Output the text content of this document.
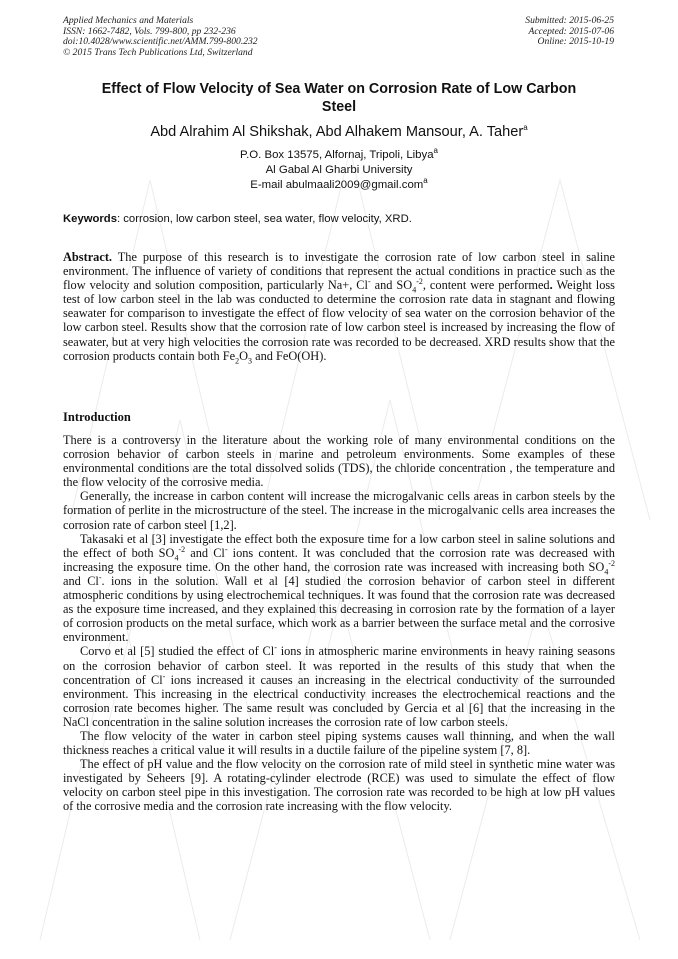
Applied Mechanics and Materials
ISSN: 1662-7482, Vols. 799-800, pp 232-236
doi:10.4028/www.scientific.net/AMM.799-800.232
© 2015 Trans Tech Publications Ltd, Switzerland
Submitted: 2015-06-25
Accepted: 2015-07-06
Online: 2015-10-19
Effect of Flow Velocity of Sea Water on Corrosion Rate of Low Carbon
Steel
Abd Alrahim Al Shikshak, Abd Alhakem Mansour, A. Taher$^a$
P.O. Box 13575, Alfornaj, Tripoli, Libya$^a$
Al Gabal Al Gharbi University
E-mail abulmaali2009@gmail.com$^a$
Keywords: corrosion, low carbon steel, sea water, flow velocity, XRD.

Abstract. The purpose of this research is to investigate the corrosion rate of low carbon steel in saline environment. The influence of variety of conditions that represent the actual conditions in practice such as the flow velocity and solution composition, particularly Na+, Cl- and $SO_4^{-2}$, content were performed. Weight loss test of low carbon steel in the lab was conducted to determine the corrosion rate data in stagnant and flowing seawater for comparison to investigate the effect of flow velocity of sea water on the corrosion behavior of the low carbon steel. Results show that the corrosion rate of low carbon steel is increased by increasing the flow of seawater, but at very high velocities the corrosion rate was recorded to be decreased. XRD results show that the corrosion products contain both $Fe_2O_3$ and FeO(OH).

Introduction

There is a controversy in the literature about the working role of many environmental conditions on the corrosion behavior of carbon steels in marine and petroleum environments. Some examples of these environmental conditions are the total dissolved solids (TDS), the chloride concentration , the temperature and the flow velocity of the corrosive media.

Generally, the increase in carbon content will increase the microgalvanic cells areas in carbon steels by the formation of perlite in the microstructure of the steel. The increase in the microgalvanic cells area increases the corrosion rate of carbon steel [1,2].

Takasaki et al [3] investigate the effect both the exposure time for a low carbon steel in saline solutions and the effect of both $SO_4^{-2}$ and Cl- ions content. It was concluded that the corrosion rate was decreased with increasing the exposure time. On the other hand, the corrosion rate was increased with increasing both $SO_4^{-2}$ and Cl-. ions in the solution. Wall et al [4] studied the corrosion behavior of carbon steel in different atmospheric conditions by using electrochemical techniques. It was found that the corrosion rate was decreased as the exposure time increased, and they explained this decreasing in corrosion rate by the formation of a layer of corrosion products on the metal surface, which work as a barrier between the surface metal and the corrosive environment.

Corvo et al [5] studied the effect of Cl- ions in atmospheric marine environments in heavy raining seasons on the corrosion behavior of carbon steel. It was reported in the results of this study that when the concentration of Cl- ions increased it causes an increasing in the electrical conductivity of the surrounded environment. This increasing in the electrical conductivity increases the electrochemical reactions and the corrosion rate becomes higher. The same result was concluded by Gercia et al [6] that the increasing in the NaCl concentration in the saline solution increases the corrosion rate of low carbon steels.

The flow velocity of the water in carbon steel piping systems causes wall thinning, and when the wall thickness reaches a critical value it will results in a ductile failure of the pipeline system [7, 8].

The effect of pH value and the flow velocity on the corrosion rate of mild steel in synthetic mine water was investigated by Seheers [9]. A rotating-cylinder electrode (RCE) was used to simulate the effect of flow velocity on carbon steel pipe in this investigation. The corrosion rate was recorded to be high at low pH values of the corrosive media and the corrosion rate increasing with the flow velocity.
